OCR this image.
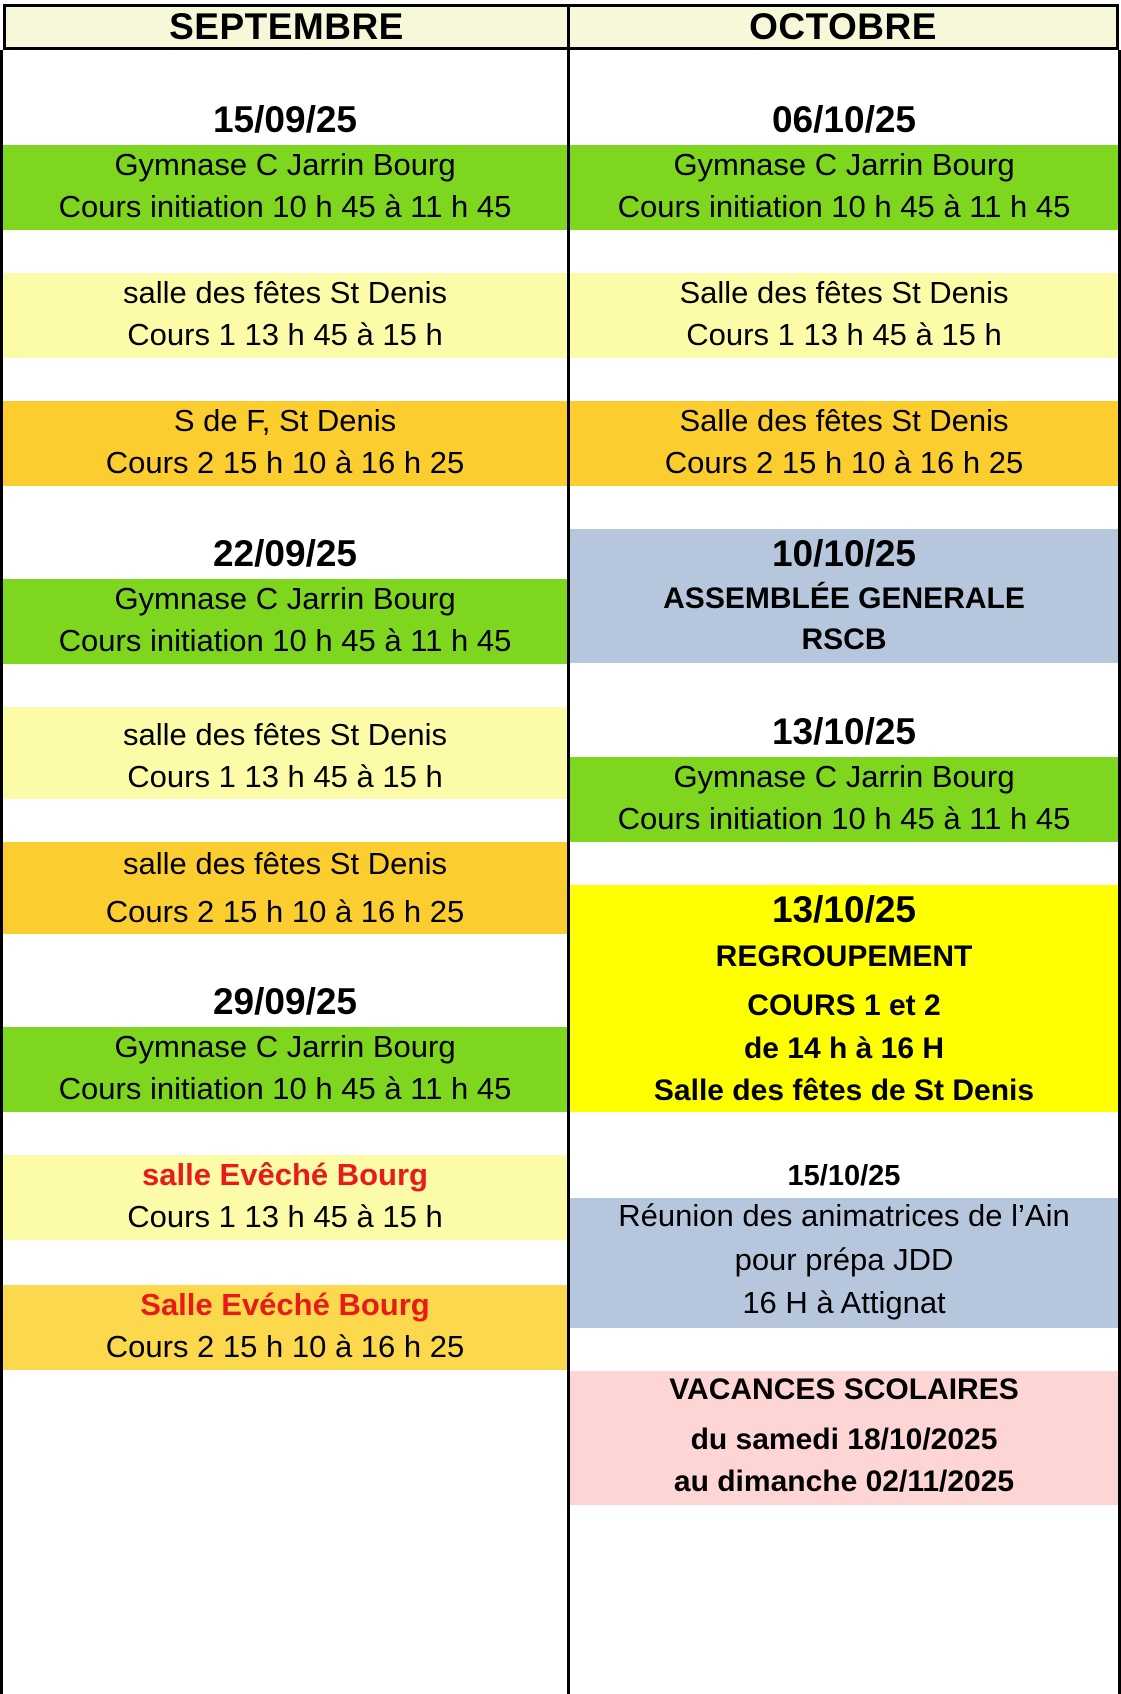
SEPTEMBRE	OCTOBRE
15/09/25
Gymnase C Jarrin Bourg
Cours initiation 10 h 45 à 11 h 45
salle des fêtes St Denis
Cours 1 13 h 45 à 15 h
S de F, St Denis
Cours 2 15 h 10 à 16 h 25
22/09/25
Gymnase C Jarrin Bourg
Cours initiation 10 h 45 à 11 h 45
salle des fêtes St Denis
Cours 1 13 h 45 à 15 h
salle des fêtes St Denis
Cours 2 15 h 10 à 16 h 25
29/09/25
Gymnase C Jarrin Bourg
Cours initiation 10 h 45 à 11 h 45
salle Evêché Bourg
Cours 1 13 h 45 à 15 h
Salle Evéché Bourg
Cours 2 15 h 10 à 16 h 25
06/10/25
Gymnase C Jarrin Bourg
Cours initiation 10 h 45 à 11 h 45
Salle des fêtes St Denis
Cours 1 13 h 45 à 15 h
Salle des fêtes St Denis
Cours 2 15 h 10 à 16 h 25
10/10/25
ASSEMBLÉE GENERALE
RSCB
13/10/25
Gymnase C Jarrin Bourg
Cours initiation 10 h 45 à 11 h 45
13/10/25
REGROUPEMENT
COURS 1 et 2
de 14 h à 16 H
Salle des fêtes de St Denis
15/10/25
Réunion des animatrices de l’Ain
pour prépa JDD
16 H à Attignat
VACANCES SCOLAIRES
du samedi 18/10/2025
au dimanche 02/11/2025
